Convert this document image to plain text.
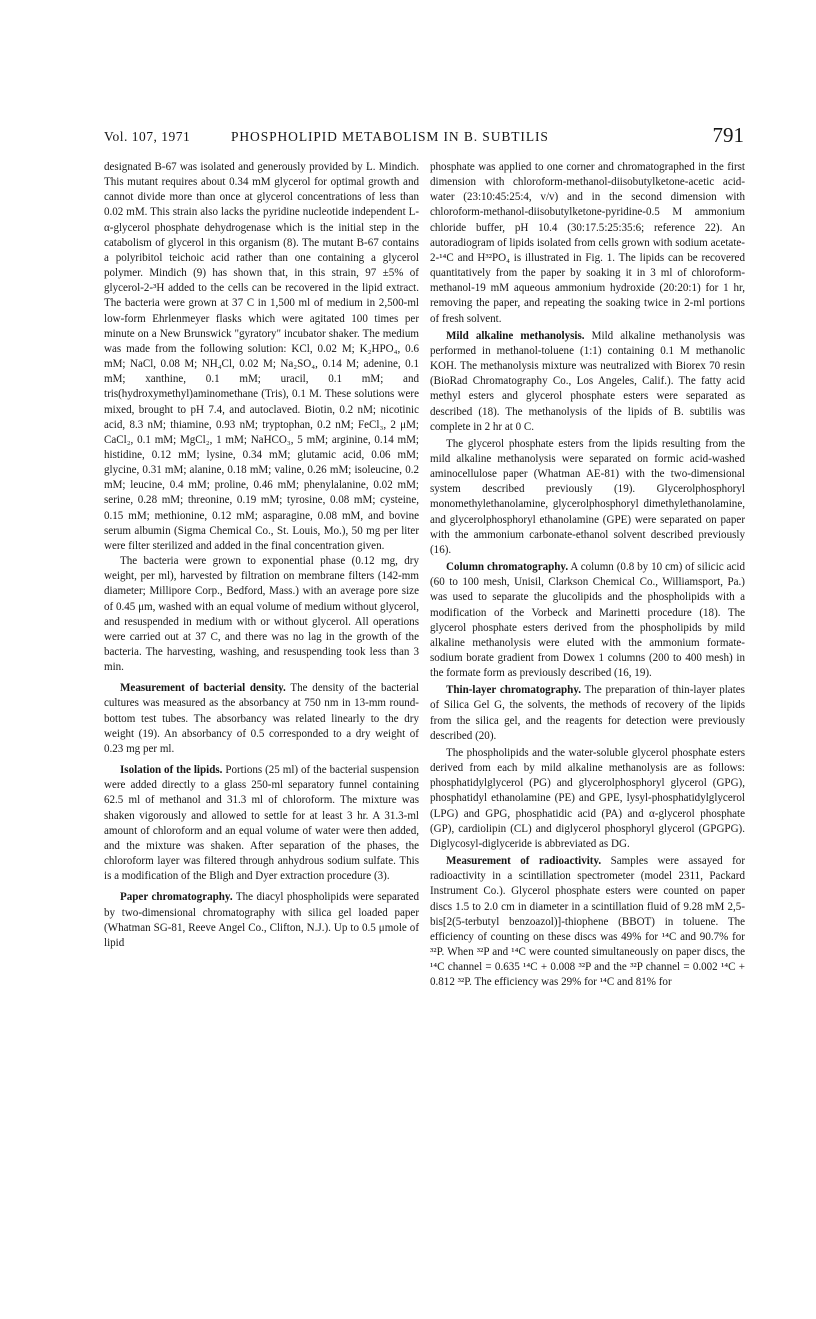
Vol. 107, 1971	PHOSPHOLIPID METABOLISM IN B. SUBTILIS	791

designated B-67 was isolated and generously provided by L. Mindich. This mutant requires about 0.34 mM glycerol for optimal growth and cannot divide more than once at glycerol concentrations of less than 0.02 mM. This strain also lacks the pyridine nucleotide independent L-α-glycerol phosphate dehydrogenase which is the initial step in the catabolism of glycerol in this organism (8). The mutant B-67 contains a polyribitol teichoic acid rather than one containing a glycerol polymer. Mindich (9) has shown that, in this strain, 97 ±5% of glycerol-2-³H added to the cells can be recovered in the lipid extract. The bacteria were grown at 37 C in 1,500 ml of medium in 2,500-ml low-form Ehrlenmeyer flasks which were agitated 100 times per minute on a New Brunswick "gyratory" incubator shaker. The medium was made from the following solution: KCl, 0.02 M; K₂HPO₄, 0.6 mM; NaCl, 0.08 M; NH₄Cl, 0.02 M; Na₂SO₄, 0.14 M; adenine, 0.1 mM; xanthine, 0.1 mM; uracil, 0.1 mM; and tris(hydroxymethyl)aminomethane (Tris), 0.1 M. These solutions were mixed, brought to pH 7.4, and autoclaved. Biotin, 0.2 nM; nicotinic acid, 8.3 nM; thiamine, 0.93 nM; tryptophan, 0.2 nM; FeCl₃, 2 μM; CaCl₂, 0.1 mM; MgCl₂, 1 mM; NaHCO₃, 5 mM; arginine, 0.14 mM; histidine, 0.12 mM; lysine, 0.34 mM; glutamic acid, 0.06 mM; glycine, 0.31 mM; alanine, 0.18 mM; valine, 0.26 mM; isoleucine, 0.2 mM; leucine, 0.4 mM; proline, 0.46 mM; phenylalanine, 0.02 mM; serine, 0.28 mM; threonine, 0.19 mM; tyrosine, 0.08 mM; cysteine, 0.15 mM; methionine, 0.12 mM; asparagine, 0.08 mM, and bovine serum albumin (Sigma Chemical Co., St. Louis, Mo.), 50 mg per liter were filter sterilized and added in the final concentration given.

The bacteria were grown to exponential phase (0.12 mg, dry weight, per ml), harvested by filtration on membrane filters (142-mm diameter; Millipore Corp., Bedford, Mass.) with an average pore size of 0.45 μm, washed with an equal volume of medium without glycerol, and resuspended in medium with or without glycerol. All operations were carried out at 37 C, and there was no lag in the growth of the bacteria. The harvesting, washing, and resuspending took less than 3 min.

Measurement of bacterial density. The density of the bacterial cultures was measured as the absorbancy at 750 nm in 13-mm round-bottom test tubes. The absorbancy was related linearly to the dry weight (19). An absorbancy of 0.5 corresponded to a dry weight of 0.23 mg per ml.

Isolation of the lipids. Portions (25 ml) of the bacterial suspension were added directly to a glass 250-ml separatory funnel containing 62.5 ml of methanol and 31.3 ml of chloroform. The mixture was shaken vigorously and allowed to settle for at least 3 hr. A 31.3-ml amount of chloroform and an equal volume of water were then added, and the mixture was shaken. After separation of the phases, the chloroform layer was filtered through anhydrous sodium sulfate. This is a modification of the Bligh and Dyer extraction procedure (3).

Paper chromatography. The diacyl phospholipids were separated by two-dimensional chromatography with silica gel loaded paper (Whatman SG-81, Reeve Angel Co., Clifton, N.J.). Up to 0.5 μmole of lipid

phosphate was applied to one corner and chromatographed in the first dimension with chloroform-methanol-diisobutylketone-acetic acid-water (23:10:45:25:4, v/v) and in the second dimension with chloroform-methanol-diisobutylketone-pyridine-0.5 M ammonium chloride buffer, pH 10.4 (30:17.5:25:35:6; reference 22). An autoradiogram of lipids isolated from cells grown with sodium acetate-2-¹⁴C and H³²PO₄ is illustrated in Fig. 1. The lipids can be recovered quantitatively from the paper by soaking it in 3 ml of chloroform-methanol-19 mM aqueous ammonium hydroxide (20:20:1) for 1 hr, removing the paper, and repeating the soaking twice in 2-ml portions of fresh solvent.

Mild alkaline methanolysis. Mild alkaline methanolysis was performed in methanol-toluene (1:1) containing 0.1 M methanolic KOH. The methanolysis mixture was neutralized with Biorex 70 resin (BioRad Chromatography Co., Los Angeles, Calif.). The fatty acid methyl esters and glycerol phosphate esters were separated as described (18). The methanolysis of the lipids of B. subtilis was complete in 2 hr at 0 C.

The glycerol phosphate esters from the lipids resulting from the mild alkaline methanolysis were separated on formic acid-washed aminocellulose paper (Whatman AE-81) with the two-dimensional system described previously (19). Glycerolphosphoryl monomethylethanolamine, glycerolphosphoryl dimethylethanolamine, and glycerolphosphoryl ethanolamine (GPE) were separated on paper with the ammonium carbonate-ethanol solvent described previously (16).

Column chromatography. A column (0.8 by 10 cm) of silicic acid (60 to 100 mesh, Unisil, Clarkson Chemical Co., Williamsport, Pa.) was used to separate the glucolipids and the phospholipids with a modification of the Vorbeck and Marinetti procedure (18). The glycerol phosphate esters derived from the phospholipids by mild alkaline methanolysis were eluted with the ammonium formate-sodium borate gradient from Dowex 1 columns (200 to 400 mesh) in the formate form as previously described (16, 19).

Thin-layer chromatography. The preparation of thin-layer plates of Silica Gel G, the solvents, the methods of recovery of the lipids from the silica gel, and the reagents for detection were previously described (20).

The phospholipids and the water-soluble glycerol phosphate esters derived from each by mild alkaline methanolysis are as follows: phosphatidylglycerol (PG) and glycerolphosphoryl glycerol (GPG), phosphatidyl ethanolamine (PE) and GPE, lysyl-phosphatidylglycerol (LPG) and GPG, phosphatidic acid (PA) and α-glycerol phosphate (GP), cardiolipin (CL) and diglycerol phosphoryl glycerol (GPGPG). Diglycosyl-diglyceride is abbreviated as DG.

Measurement of radioactivity. Samples were assayed for radioactivity in a scintillation spectrometer (model 2311, Packard Instrument Co.). Glycerol phosphate esters were counted on paper discs 1.5 to 2.0 cm in diameter in a scintillation fluid of 9.28 mM 2,5-bis[2(5-terbutyl benzoazol)]-thiophene (BBOT) in toluene. The efficiency of counting on these discs was 49% for ¹⁴C and 90.7% for ³²P. When ³²P and ¹⁴C were counted simultaneously on paper discs, the ¹⁴C channel = 0.635 ¹⁴C + 0.008 ³²P and the ³²P channel = 0.002 ¹⁴C + 0.812 ³²P. The efficiency was 29% for ¹⁴C and 81% for
